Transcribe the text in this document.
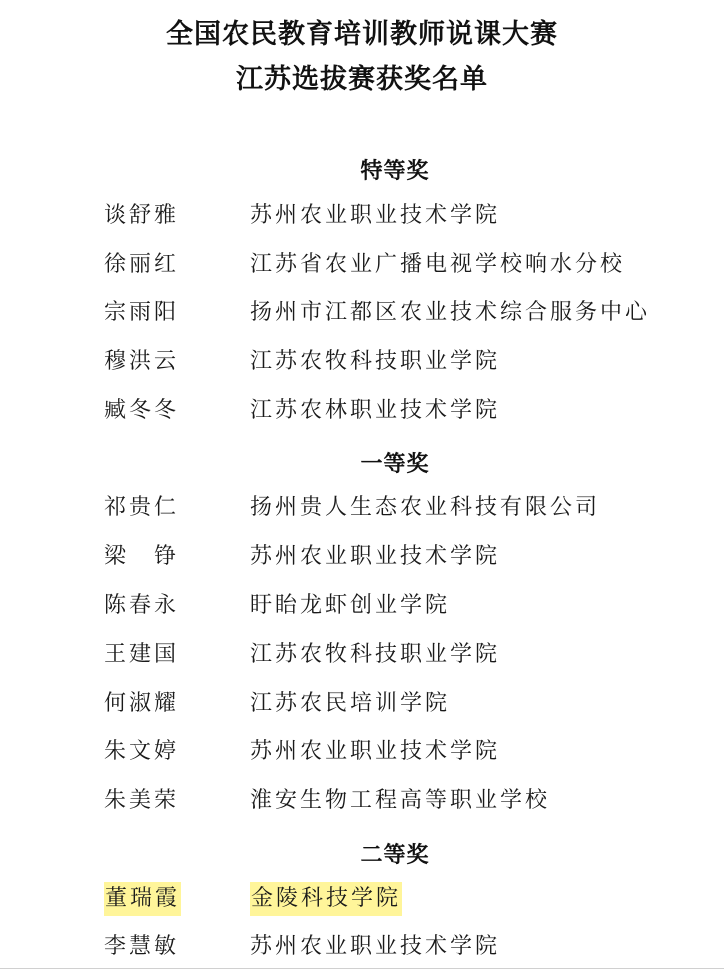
全国农民教育培训教师说课大赛
江苏选拔赛获奖名单
特等奖
谈舒雅	苏州农业职业技术学院
徐丽红	江苏省农业广播电视学校响水分校
宗雨阳	扬州市江都区农业技术综合服务中心
穆洪云	江苏农牧科技职业学院
臧冬冬	江苏农林职业技术学院
一等奖
祁贵仁	扬州贵人生态农业科技有限公司
梁　铮	苏州农业职业技术学院
陈春永	盱眙龙虾创业学院
王建国	江苏农牧科技职业学院
何淑耀	江苏农民培训学院
朱文婷	苏州农业职业技术学院
朱美荣	淮安生物工程高等职业学校
二等奖
董瑞霞	金陵科技学院
李慧敏	苏州农业职业技术学院
